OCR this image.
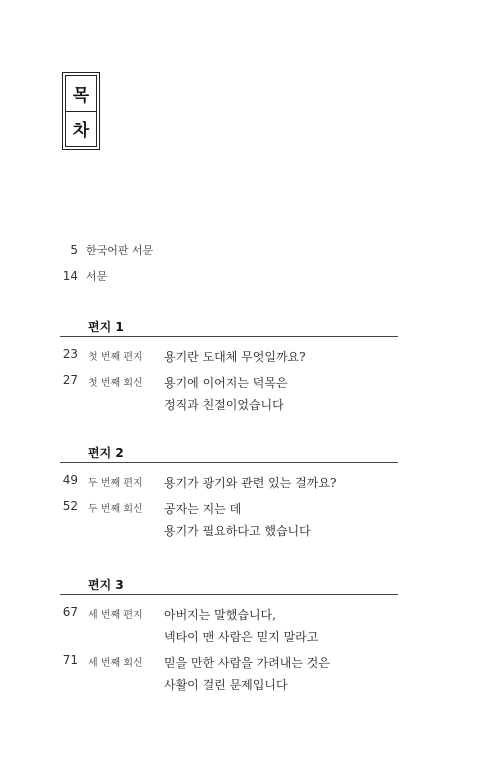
목
차
5 한국어판 서문
14 서문
편지 1
23 첫 번째 편지 용기란 도대체 무엇일까요?
27 첫 번째 회신 용기에 이어지는 덕목은
정직과 친절이었습니다
편지 2
49 두 번째 편지 용기가 광기와 관련 있는 걸까요?
52 두 번째 회신 공자는 지는 데
용기가 필요하다고 했습니다
편지 3
67 세 번째 편지 아버지는 말했습니다,
넥타이 맨 사람은 믿지 말라고
71 세 번째 회신 믿을 만한 사람을 가려내는 것은
사활이 걸린 문제입니다
